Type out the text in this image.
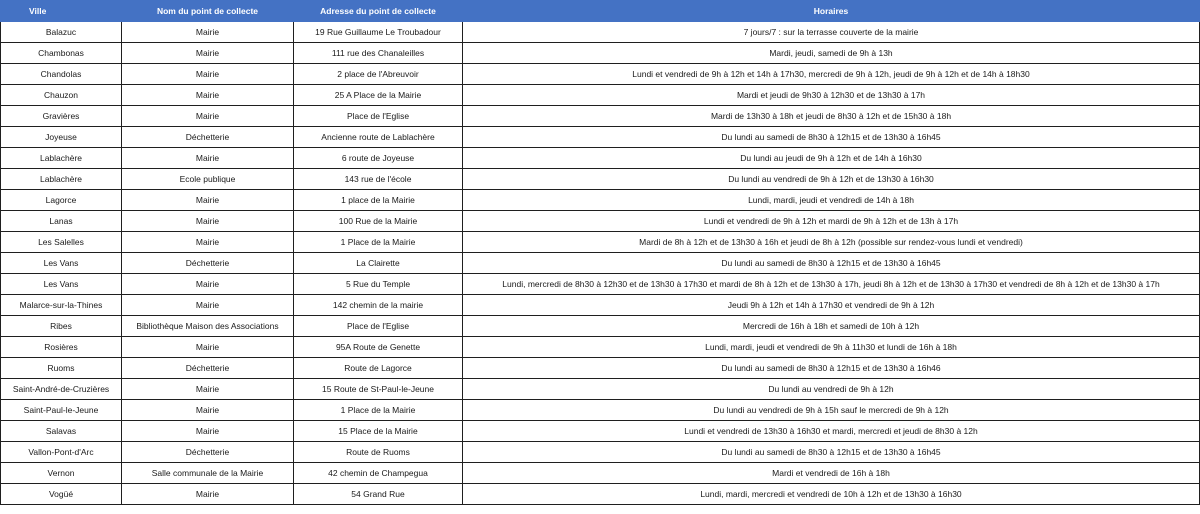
Ville	Nom du point de collecte	Adresse du point de collecte	Horaires
Balazuc	Mairie	19 Rue Guillaume Le Troubadour	7 jours/7 : sur la terrasse couverte de la mairie
Chambonas	Mairie	111 rue des Chanaleilles	Mardi, jeudi, samedi de 9h à 13h
Chandolas	Mairie	2 place de l'Abreuvoir	Lundi et vendredi de 9h à 12h et 14h à 17h30, mercredi de 9h à 12h, jeudi de 9h à 12h et de 14h à 18h30
Chauzon	Mairie	25 A Place de la Mairie	Mardi et jeudi de 9h30 à 12h30 et de 13h30 à 17h
Gravières	Mairie	Place de l'Eglise	Mardi de 13h30 à 18h et jeudi de 8h30 à 12h et de 15h30 à 18h
Joyeuse	Déchetterie	Ancienne route de Lablachère	Du lundi au samedi de 8h30 à 12h15 et de 13h30 à 16h45
Lablachère	Mairie	6 route de Joyeuse	Du lundi au jeudi de 9h à 12h et de 14h à 16h30
Lablachère	Ecole publique	143 rue de l'école	Du lundi au vendredi de 9h à 12h et de 13h30 à 16h30
Lagorce	Mairie	1 place de la Mairie	Lundi, mardi, jeudi et vendredi de 14h à 18h
Lanas	Mairie	100 Rue de la Mairie	Lundi et vendredi de 9h à 12h et mardi de 9h à 12h et de 13h à 17h
Les Salelles	Mairie	1 Place de la Mairie	Mardi de 8h à 12h et de 13h30 à 16h et jeudi de 8h à 12h (possible sur rendez-vous lundi et vendredi)
Les Vans	Déchetterie	La Clairette	Du lundi au samedi de 8h30 à 12h15 et de 13h30 à 16h45
Les Vans	Mairie	5 Rue du Temple	Lundi, mercredi de 8h30 à 12h30 et de 13h30 à 17h30 et mardi de 8h à 12h et de 13h30 à 17h, jeudi 8h à 12h et de 13h30 à 17h30 et vendredi de 8h à 12h et de 13h30 à 17h
Malarce-sur-la-Thines	Mairie	142 chemin de la mairie	Jeudi 9h à 12h et 14h à 17h30 et vendredi de 9h à 12h
Ribes	Bibliothèque Maison des Associations	Place de l'Eglise	Mercredi de 16h à 18h et samedi de 10h à 12h
Rosières	Mairie	95A Route de Genette	Lundi, mardi, jeudi et vendredi de 9h à 11h30 et lundi de 16h à 18h
Ruoms	Déchetterie	Route de Lagorce	Du lundi au samedi de 8h30 à 12h15 et de 13h30 à 16h46
Saint-André-de-Cruzières	Mairie	15 Route de St-Paul-le-Jeune	Du lundi au vendredi de 9h à 12h
Saint-Paul-le-Jeune	Mairie	1 Place de la Mairie	Du lundi au vendredi de 9h à 15h sauf le mercredi de 9h à 12h
Salavas	Mairie	15 Place de la Mairie	Lundi et vendredi de 13h30 à 16h30 et mardi, mercredi et jeudi de 8h30 à 12h
Vallon-Pont-d'Arc	Déchetterie	Route de Ruoms	Du lundi au samedi de 8h30 à 12h15 et de 13h30 à 16h45
Vernon	Salle communale de la Mairie	42 chemin de Champegua	Mardi et vendredi de 16h à 18h
Vogüé	Mairie	54 Grand Rue	Lundi, mardi, mercredi et vendredi de 10h à 12h et de 13h30 à 16h30
